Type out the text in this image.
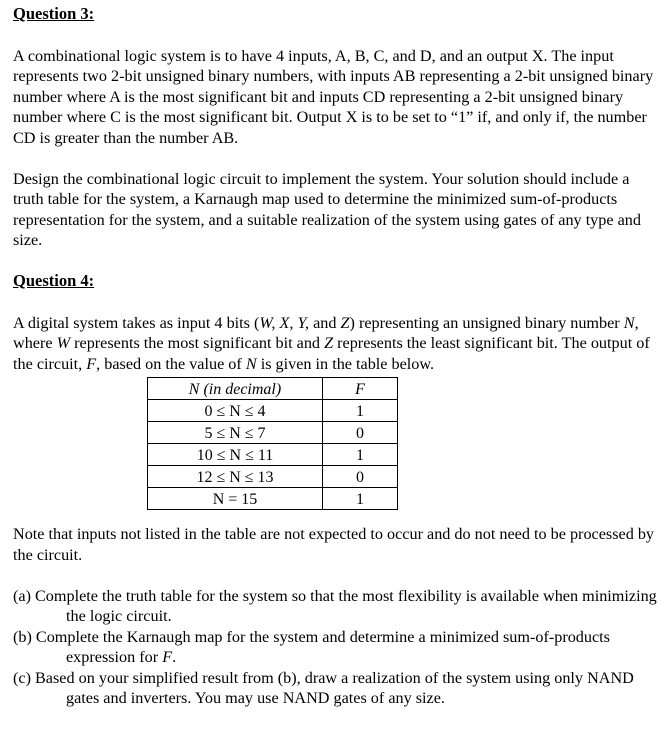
Question 3:

A combinational logic system is to have 4 inputs, A, B, C, and D, and an output X. The input represents two 2-bit unsigned binary numbers, with inputs AB representing a 2-bit unsigned binary number where A is the most significant bit and inputs CD representing a 2-bit unsigned binary number where C is the most significant bit. Output X is to be set to “1” if, and only if, the number CD is greater than the number AB.

Design the combinational logic circuit to implement the system. Your solution should include a truth table for the system, a Karnaugh map used to determine the minimized sum-of-products representation for the system, and a suitable realization of the system using gates of any type and size.

Question 4:

A digital system takes as input 4 bits (W, X, Y, and Z) representing an unsigned binary number N, where W represents the most significant bit and Z represents the least significant bit. The output of the circuit, F, based on the value of N is given in the table below.

N (in decimal)	F
0 ≤ N ≤ 4	1
5 ≤ N ≤ 7	0
10 ≤ N ≤ 11	1
12 ≤ N ≤ 13	0
N = 15	1

Note that inputs not listed in the table are not expected to occur and do not need to be processed by the circuit.

(a) Complete the truth table for the system so that the most flexibility is available when minimizing the logic circuit.

(b) Complete the Karnaugh map for the system and determine a minimized sum-of-products expression for F.

(c) Based on your simplified result from (b), draw a realization of the system using only NAND gates and inverters. You may use NAND gates of any size.
